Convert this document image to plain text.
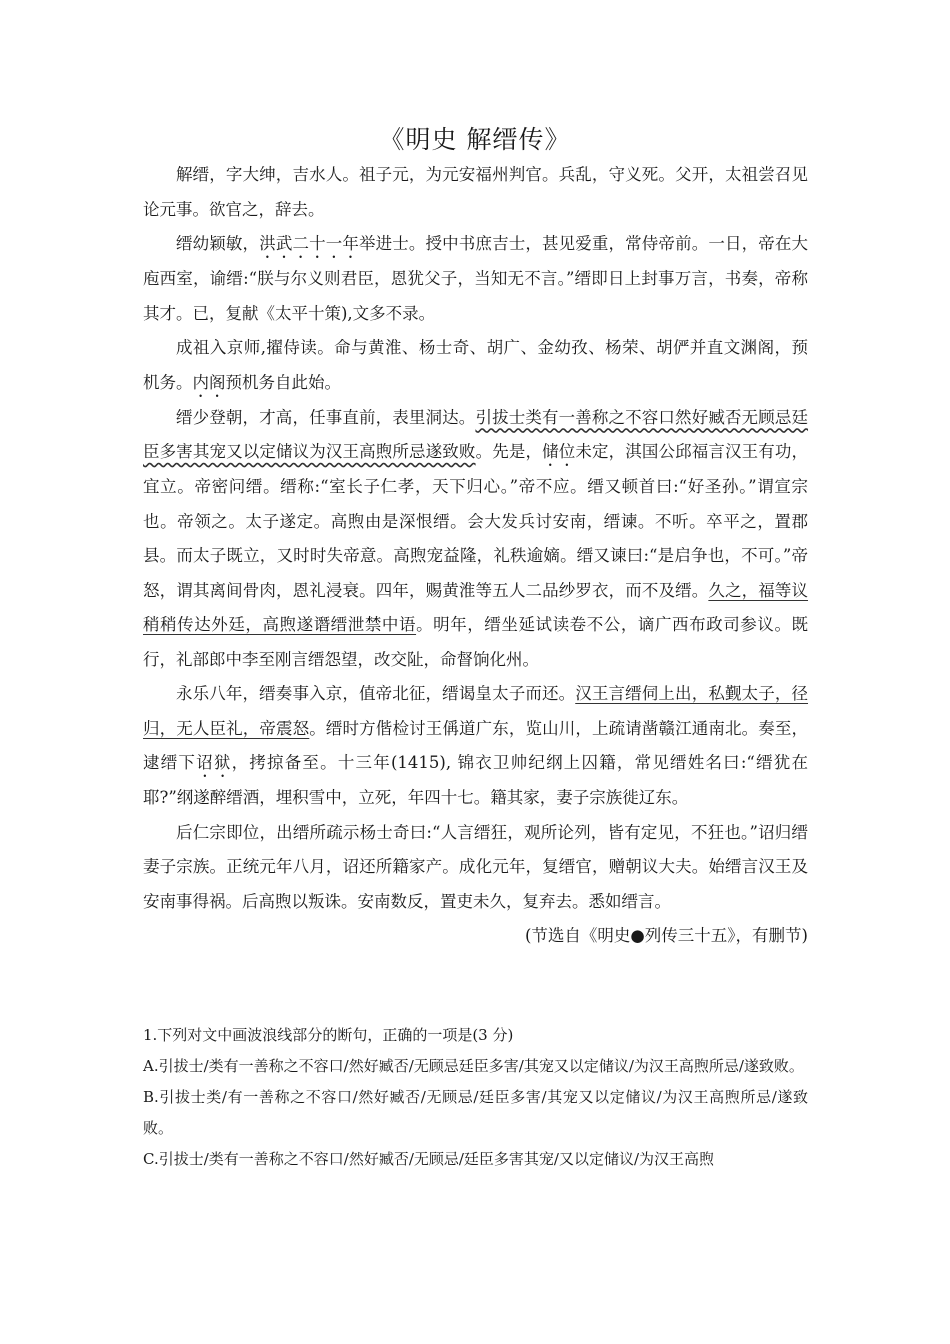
《明史 解缙传》

解缙，字大绅，吉水人。祖子元，为元安福州判官。兵乱，守义死。父开，太祖尝召见论元事。欲官之，辞去。

缙幼颖敏，洪武二十一年举进士。授中书庶吉士，甚见爱重，常侍帝前。一日，帝在大庖西室，谕缙:“朕与尔义则君臣，恩犹父子，当知无不言。”缙即日上封事万言，书奏，帝称其才。已，复献《太平十策),文多不录。

成祖入京师,擢侍读。命与黄淮、杨士奇、胡广、金幼孜、杨荣、胡俨并直文渊阁，预机务。内阁预机务自此始。

缙少登朝，才高，任事直前，表里洞达。引拔士类有一善称之不容口然好臧否无顾忌廷臣多害其宠又以定储议为汉王高煦所忌遂致败。先是，储位未定，淇国公邱福言汉王有功，宜立。帝密问缙。缙称:“室长子仁孝，天下归心。”帝不应。缙又顿首曰:“好圣孙。”谓宣宗也。帝领之。太子遂定。高煦由是深恨缙。会大发兵讨安南，缙谏。不听。卒平之，置郡县。而太子既立，又时时失帝意。高煦宠益隆，礼秩逾嫡。缙又谏曰:“是启争也，不可。”帝怒，谓其离间骨肉，恩礼浸衰。四年，赐黄淮等五人二品纱罗衣，而不及缙。久之，福等议稍稍传达外廷，高煦遂谮缙泄禁中语。明年，缙坐延试读卷不公，谪广西布政司参议。既行，礼部郎中李至刚言缙怨望，改交阯，命督饷化州。

永乐八年，缙奏事入京，值帝北征，缙谒皇太子而还。汉王言缙伺上出，私觐太子，径归，无人臣礼，帝震怒。缙时方偕检讨王偁道广东，览山川，上疏请凿赣江通南北。奏至，逮缙下诏狱，拷掠备至。十三年(1415), 锦衣卫帅纪纲上囚籍，常见缙姓名曰:“缙犹在耶?”纲遂醉缙酒，埋积雪中，立死，年四十七。籍其家，妻子宗族徙辽东。

后仁宗即位，出缙所疏示杨士奇曰:“人言缙狂，观所论列，皆有定见，不狂也。”诏归缙妻子宗族。正统元年八月，诏还所籍家产。成化元年，复缙官，赠朝议大夫。始缙言汉王及安南事得祸。后高煦以叛诛。安南数反，置吏未久，复弃去。悉如缙言。

(节选自《明史●列传三十五》，有删节)

1.下列对文中画波浪线部分的断句，正确的一项是(3 分)

A.引拔士/类有一善称之不容口/然好臧否/无顾忌廷臣多害/其宠又以定储议/为汉王高煦所忌/遂致败。

B.引拔士类/有一善称之不容口/然好臧否/无顾忌/廷臣多害/其宠又以定储议/为汉王高煦所忌/遂致败。

C.引拔士/类有一善称之不容口/然好臧否/无顾忌/廷臣多害其宠/又以定储议/为汉王高煦
